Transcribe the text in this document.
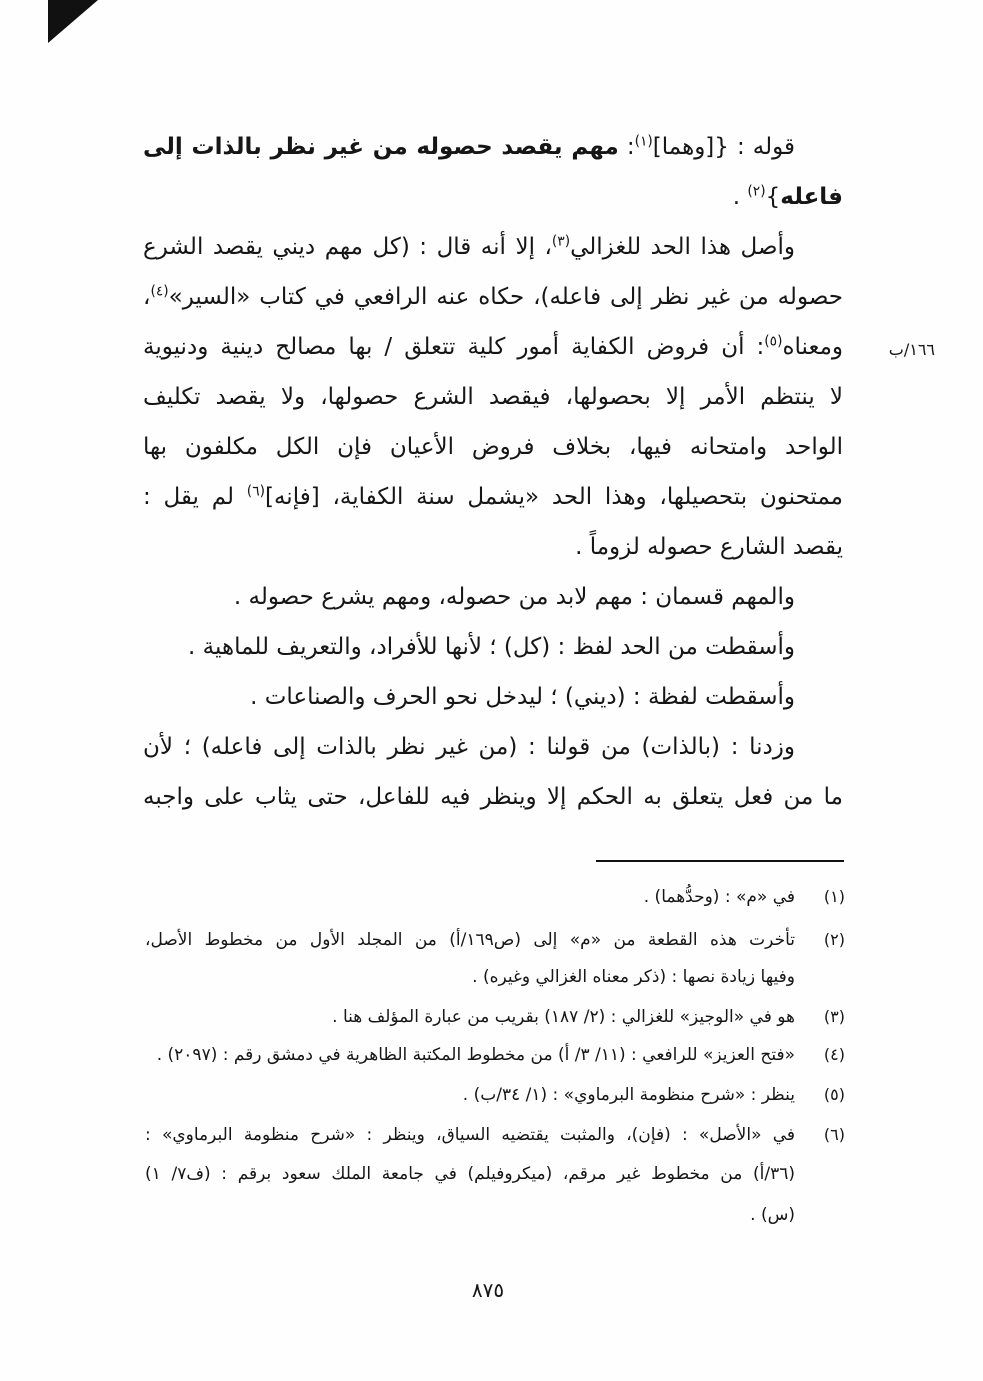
قوله : {[وهما]$^{(١)}$: مهم يقصد حصوله من غير نظر بالذات إلى
فاعله}$^{(٢)}$ .
وأصل هذا الحد للغزالي$^{(٣)}$، إلا أنه قال : (كل مهم ديني يقصد الشرع
حصوله من غير نظر إلى فاعله)، حكاه عنه الرافعي في كتاب «السير»$^{(٤)}$،
ومعناه$^{(٥)}$: أن فروض الكفاية أمور كلية تتعلق / بها مصالح دينية ودنيوية
لا ينتظم الأمر إلا بحصولها، فيقصد الشرع حصولها، ولا يقصد تكليف
الواحد وامتحانه فيها، بخلاف فروض الأعيان فإن الكل مكلفون بها
ممتحنون بتحصيلها، وهذا الحد «يشمل سنة الكفاية، [فإنه]$^{(٦)}$ لم يقل :
يقصد الشارع حصوله لزوماً .
والمهم قسمان : مهم لابد من حصوله، ومهم يشرع حصوله .
وأسقطت من الحد لفظ : (كل) ؛ لأنها للأفراد، والتعريف للماهية .
وأسقطت لفظة : (ديني) ؛ ليدخل نحو الحرف والصناعات .
وزدنا : (بالذات) من قولنا : (من غير نظر بالذات إلى فاعله) ؛ لأن
ما من فعل يتعلق به الحكم إلا وينظر فيه للفاعل، حتى يثاب على واجبه
١٦٦/ب
(١)
في «م» : (وحدُّهما) .
(٢)
تأخرت هذه القطعة من «م» إلى (ص١٦٩/أ) من المجلد الأول من مخطوط الأصل،
وفيها زيادة نصها : (ذكر معناه الغزالي وغيره) .
(٣)
هو في «الوجيز» للغزالي : (٢/ ١٨٧) بقريب من عبارة المؤلف هنا .
(٤)
«فتح العزيز» للرافعي : (١١/ ٣/ أ) من مخطوط المكتبة الظاهرية في دمشق رقم : (٢٠٩٧) .
(٥)
ينظر : «شرح منظومة البرماوي» : (١/ ٣٤/ب) .
(٦)
في «الأصل» : (فإن)، والمثبت يقتضيه السياق، وينظر : «شرح منظومة البرماوي» :
(٣٦/أ) من مخطوط غير مرقم، (ميكروفيلم) في جامعة الملك سعود برقم : (ف٧/ ١)
(س) .
٨٧٥
